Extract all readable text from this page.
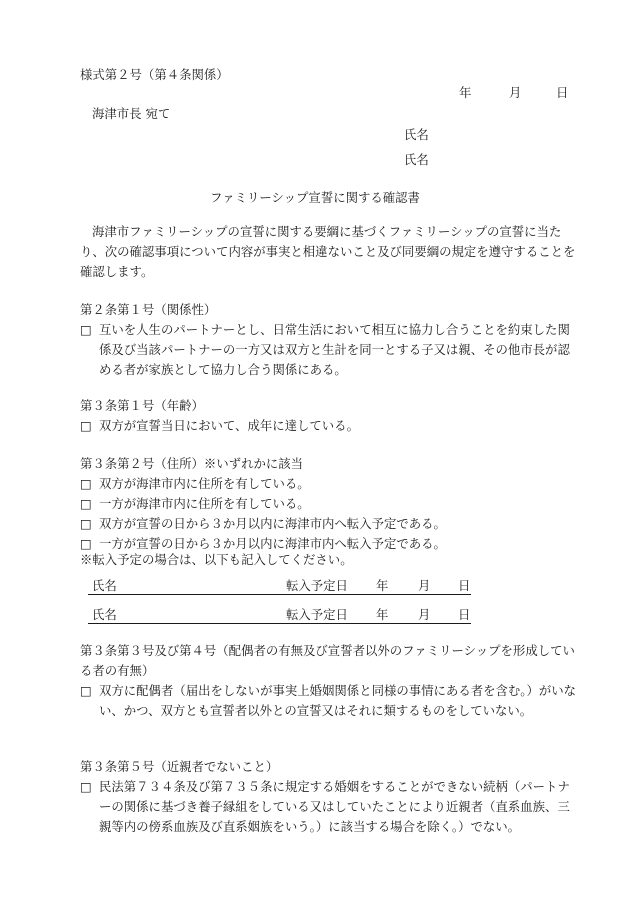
様式第２号（第４条関係）
年	月	日
海津市長 宛て
氏名
氏名
ファミリーシップ宣誓に関する確認書
海津市ファミリーシップの宣誓に関する要綱に基づくファミリーシップの宣誓に当たり、次の確認事項について内容が事実と相違ないこと及び同要綱の規定を遵守することを確認します。
第２条第１号（関係性）
□ 互いを人生のパートナーとし、日常生活において相互に協力し合うことを約束した関係及び当該パートナーの一方又は双方と生計を同一とする子又は親、その他市長が認める者が家族として協力し合う関係にある。
第３条第１号（年齢）
□ 双方が宣誓当日において、成年に達している。
第３条第２号（住所）※いずれかに該当
□ 双方が海津市内に住所を有している。
□ 一方が海津市内に住所を有している。
□ 双方が宣誓の日から３か月以内に海津市内へ転入予定である。
□ 一方が宣誓の日から３か月以内に海津市内へ転入予定である。
※転入予定の場合は、以下も記入してください。
氏名	転入予定日 年 月 日
氏名	転入予定日 年 月 日
第３条第３号及び第４号（配偶者の有無及び宣誓者以外のファミリーシップを形成している者の有無）
□ 双方に配偶者（届出をしないが事実上婚姻関係と同様の事情にある者を含む。）がいない、かつ、双方とも宣誓者以外との宣誓又はそれに類するものをしていない。
第３条第５号（近親者でないこと）
□ 民法第７３４条及び第７３５条に規定する婚姻をすることができない続柄（パートナーの関係に基づき養子縁組をしている又はしていたことにより近親者（直系血族、三親等内の傍系血族及び直系姻族をいう。）に該当する場合を除く。）でない。
